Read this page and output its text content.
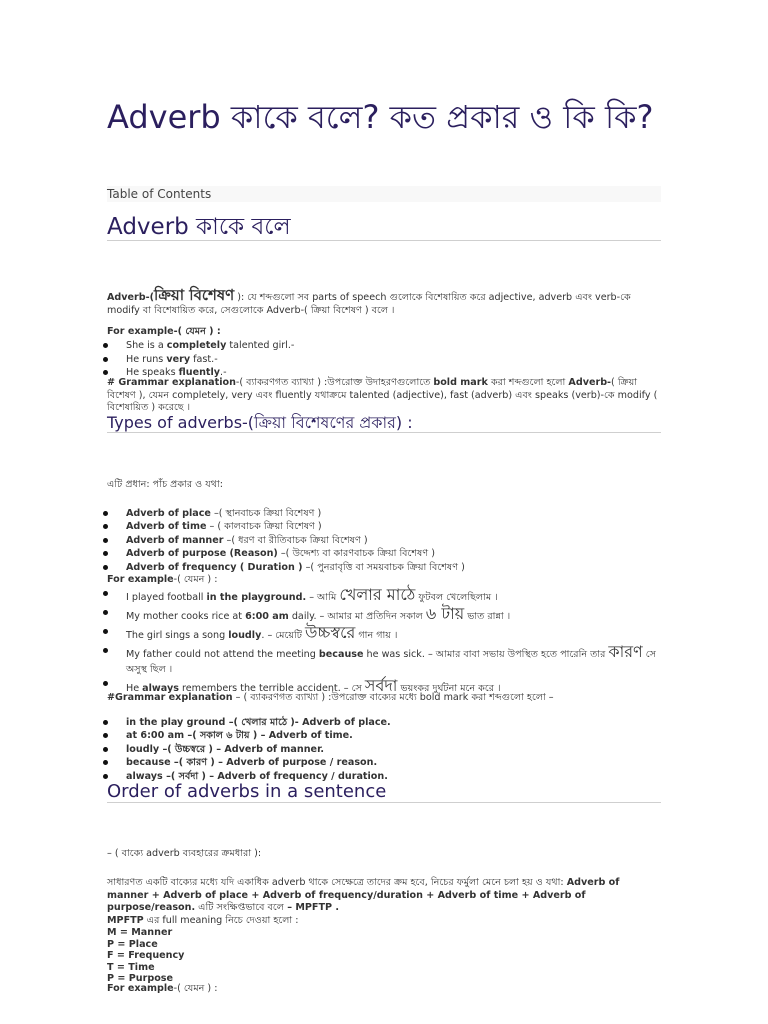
Adverb কাকে বলে? কত প্রকার ও কি কি?
Table of Contents
Adverb কাকে বলে
Adverb-(ক্রিয়া বিশেষণ ): যে শব্দগুলো সব parts of speech গুলোকে বিশেষায়িত করে adjective, adverb এবং verb-কে modify বা বিশেষায়িত করে, সেগুলোকে Adverb-( ক্রিয়া বিশেষণ ) বলে ।
For example-( যেমন ) :
She is a completely talented girl.-
He runs very fast.-
He speaks fluently.-
# Grammar explanation-( ব্যাকরণগত ব্যাখ্যা ) :উপরোক্ত উদাহরণগুলোতে bold mark করা শব্দগুলো হলো Adverb-( ক্রিয়া বিশেষণ ), যেমন completely, very এবং fluently যথাক্রমে talented (adjective), fast (adverb) এবং speaks (verb)-কে modify ( বিশেষায়িত ) করেছে ।
Types of adverbs-(ক্রিয়া বিশেষণের প্রকার) :
এটি প্রধান: পাঁচ প্রকার ও যথা:
Adverb of place –( স্থানবাচক ক্রিয়া বিশেষণ )
Adverb of time – ( কালবাচক ক্রিয়া বিশেষণ )
Adverb of manner –( ধরণ বা রীতিবাচক ক্রিয়া বিশেষণ )
Adverb of purpose (Reason) –( উদ্দেশ্য বা কারণবাচক ক্রিয়া বিশেষণ )
Adverb of frequency ( Duration ) –( পুনরাবৃত্তি বা সময়বাচক ক্রিয়া বিশেষণ )
For example-( যেমন ) :
I played football in the playground. – আমি খেলার মাঠে ফুটবল খেলেছিলাম ।
My mother cooks rice at 6:00 am daily. – আমার মা প্রতিদিন সকাল ৬ টায় ভাত রান্না ।
The girl sings a song loudly. – মেয়েটি উচ্চস্বরে গান গায় ।
My father could not attend the meeting because he was sick. – আমার বাবা সভায় উপস্থিত হতে পারেনি তার কারণ সে অসুস্থ ছিল ।
He always remembers the terrible accident. – সে সর্বদা ভয়ংকর দুর্ঘটনা মনে করে ।
#Grammar explanation – ( ব্যাকরণগত ব্যাখ্যা ) :উপরোক্ত বাক্যের মধ্যে bold mark করা শব্দগুলো হলো –
in the play ground –( খেলার মাঠে )- Adverb of place.
at 6:00 am –( সকাল ৬ টায় ) – Adverb of time.
loudly –( উচ্চস্বরে ) – Adverb of manner.
because –( কারণ ) – Adverb of purpose / reason.
always –( সর্বদা ) – Adverb of frequency / duration.
Order of adverbs in a sentence
– ( বাক্যে adverb ব্যবহারের ক্রমধারা ):
সাধারণত একটি বাক্যের মধ্যে যদি একাধিক adverb থাকে সেক্ষেত্রে তাদের ক্রম হবে, নিচের ফর্মুলা মেনে চলা হয় ও যথা: Adverb of manner + Adverb of place + Adverb of frequency/duration + Adverb of time + Adverb of purpose/reason. এটি সংক্ষিপ্তভাবে বলে – MPFTP .
MPFTP এর full meaning নিচে দেওয়া হলো :
M = Manner
P = Place
F = Frequency
T = Time
P = Purpose
For example-( যেমন ) :
